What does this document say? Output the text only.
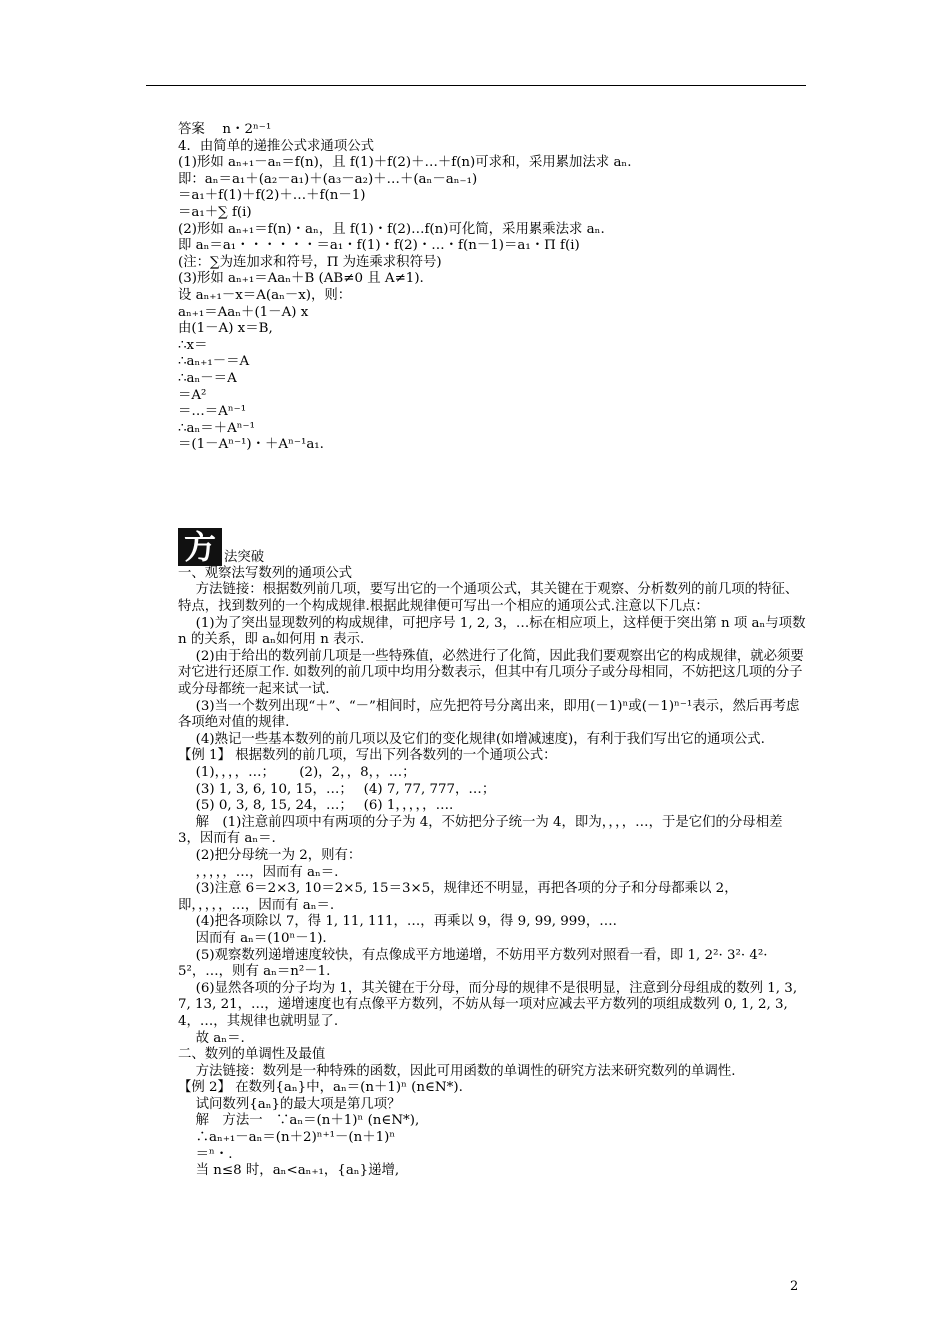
答案　 n・2ⁿ⁻¹
4．由简单的递推公式求通项公式
(1)形如 aₙ₊₁－aₙ＝f(n)，且 f(1)＋f(2)＋…＋f(n)可求和，采用累加法求 aₙ.
即：aₙ＝a₁＋(a₂－a₁)＋(a₃－a₂)＋…＋(aₙ－aₙ₋₁)
＝a₁＋f(1)＋f(2)＋…＋f(n－1)
＝a₁＋∑ f(i)
(2)形如 aₙ₊₁＝f(n)・aₙ，且 f(1)・f(2)…f(n)可化简，采用累乘法求 aₙ.
即 aₙ＝a₁・・・・・・＝a₁・f(1)・f(2)・…・f(n－1)＝a₁・Π f(i)
(注：∑为连加求和符号，Π 为连乘求积符号)
(3)形如 aₙ₊₁＝Aaₙ＋B (AB≠0 且 A≠1).
设 aₙ₊₁－x＝A(aₙ－x)，则：
aₙ₊₁＝Aaₙ＋(1－A) x
由(1－A) x＝B,
∴x＝
∴aₙ₊₁－＝A
∴aₙ－＝A
＝A²
＝…＝Aⁿ⁻¹
∴aₙ＝＋Aⁿ⁻¹
＝(1－Aⁿ⁻¹)・＋Aⁿ⁻¹a₁.
方 法突破
一、观察法写数列的通项公式

　 方法链接：根据数列前几项，要写出它的一个通项公式，其关键在于观察、分析数列的前几项的特征、特点，找到数列的一个构成规律.根据此规律便可写出一个相应的通项公式.注意以下几点：

　 (1)为了突出显现数列的构成规律，可把序号 1, 2, 3，…标在相应项上，这样便于突出第 n 项 aₙ与项数 n 的关系，即 aₙ如何用 n 表示.

　 (2)由于给出的数列前几项是一些特殊值，必然进行了化简，因此我们要观察出它的构成规律，就必须要对它进行还原工作. 如数列的前几项中均用分数表示，但其中有几项分子或分母相同，不妨把这几项的分子或分母都统一起来试一试.

　 (3)当一个数列出现“＋”、“－”相间时，应先把符号分离出来，即用(－1)ⁿ或(－1)ⁿ⁻¹表示，然后再考虑各项绝对值的规律.

　 (4)熟记一些基本数列的前几项以及它们的变化规律(如增减速度)，有利于我们写出它的通项公式.

【例 1】 根据数列的前几项，写出下列各数列的一个通项公式：
　 (1)，，，，…；　　 (2)，2，，8，，…；
　 (3) 1, 3, 6, 10, 15，…；　 (4) 7, 77, 777，…；
　 (5) 0, 3, 8, 15, 24，…；　 (6) 1，，，，，….

　 解　(1)注意前四项中有两项的分子为 4，不妨把分子统一为 4，即为，，，，…，于是它们的分母相差 3，因而有 aₙ＝.

　 (2)把分母统一为 2，则有：
　 ，，，，，…，因而有 aₙ＝.

　 (3)注意 6＝2×3, 10＝2×5, 15＝3×5，规律还不明显，再把各项的分子和分母都乘以 2，即，，，，，…，因而有 aₙ＝.

　 (4)把各项除以 7，得 1, 11, 111，…，再乘以 9，得 9, 99, 999，….
　 因而有 aₙ＝(10ⁿ－1).

　 (5)观察数列递增速度较快，有点像成平方地递增，不妨用平方数列对照看一看，即 1, 2²· 3²· 4²· 5²，…，则有 aₙ＝n²－1.

　 (6)显然各项的分子均为 1，其关键在于分母，而分母的规律不是很明显，注意到分母组成的数列 1, 3, 7, 13, 21，…，递增速度也有点像平方数列，不妨从每一项对应减去平方数列的项组成数列 0, 1, 2, 3, 4，…，其规律也就明显了.

　 故 aₙ＝.
二、数列的单调性及最值

　 方法链接：数列是一种特殊的函数，因此可用函数的单调性的研究方法来研究数列的单调性.

【例 2】 在数列{aₙ}中，aₙ＝(n＋1)ⁿ (n∈N*).
　 试问数列{aₙ}的最大项是第几项？
　 解　方法一　∵aₙ＝(n＋1)ⁿ (n∈N*),
　 ∴aₙ₊₁－aₙ＝(n＋2)ⁿ⁺¹－(n＋1)ⁿ
　 ＝ⁿ・.
　 当 n≤8 时，aₙ<aₙ₊₁，{aₙ}递增,
2
